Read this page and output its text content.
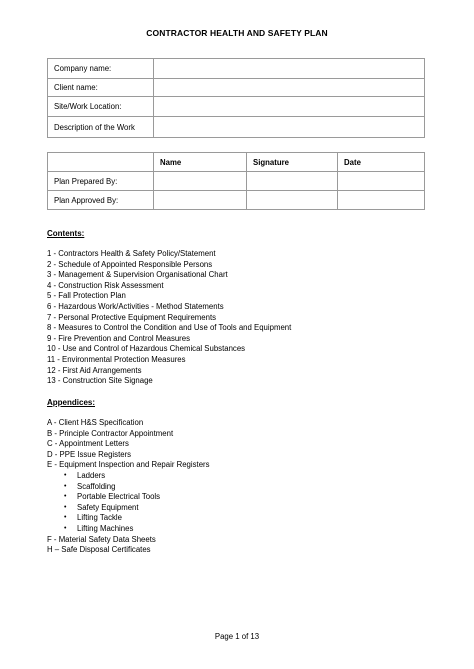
CONTRACTOR HEALTH AND SAFETY PLAN
Company name:	
Client name:	
Site/Work Location:	
Description of the Work	
	Name	Signature	Date
Plan Prepared By:			
Plan Approved By:			
Contents:
1 - Contractors Health & Safety Policy/Statement
2 - Schedule of Appointed Responsible Persons
3 - Management & Supervision Organisational Chart
4 - Construction Risk Assessment
5 - Fall Protection Plan
6 - Hazardous Work/Activities - Method Statements
7 - Personal Protective Equipment Requirements
8 - Measures to Control the Condition and Use of Tools and Equipment
9 - Fire Prevention and Control Measures
10 - Use and Control of Hazardous Chemical Substances
11 - Environmental Protection Measures
12 - First Aid Arrangements
13 - Construction Site Signage
Appendices:
A - Client H&S Specification
B - Principle Contractor Appointment
C - Appointment Letters
D - PPE Issue Registers
E - Equipment Inspection and Repair Registers
• Ladders
• Scaffolding
• Portable Electrical Tools
• Safety Equipment
• Lifting Tackle
• Lifting Machines
F - Material Safety Data Sheets
H – Safe Disposal Certificates
Page 1 of 13
